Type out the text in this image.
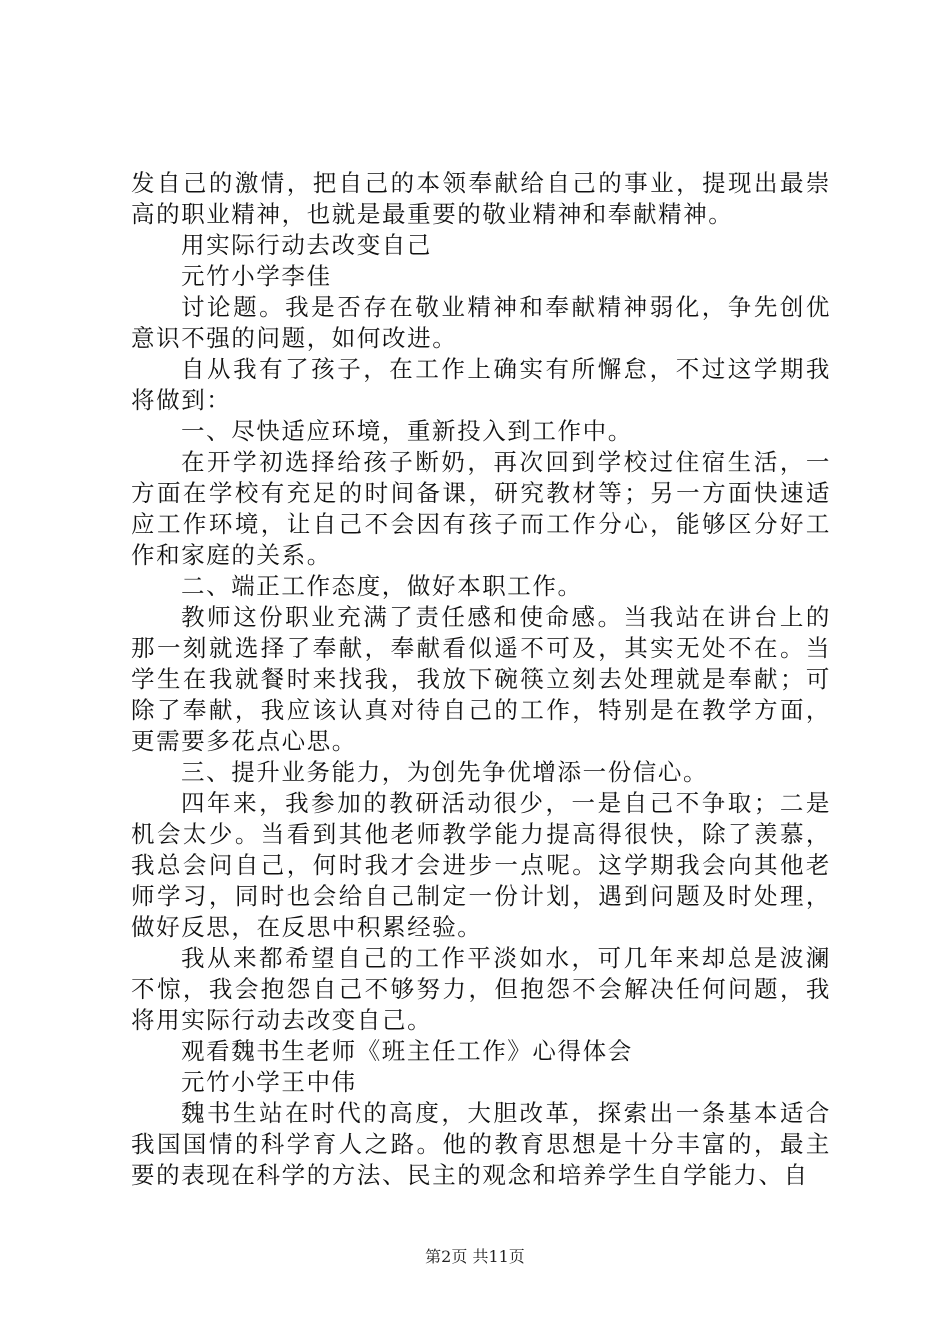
发自己的激情，把自己的本领奉献给自己的事业，提现出最崇高的职业精神，也就是最重要的敬业精神和奉献精神。

用实际行动去改变自己

元竹小学李佳

讨论题。我是否存在敬业精神和奉献精神弱化，争先创优意识不强的问题，如何改进。

自从我有了孩子，在工作上确实有所懈怠，不过这学期我将做到：

一、尽快适应环境，重新投入到工作中。

在开学初选择给孩子断奶，再次回到学校过住宿生活，一方面在学校有充足的时间备课，研究教材等；另一方面快速适应工作环境，让自己不会因有孩子而工作分心，能够区分好工作和家庭的关系。

二、端正工作态度，做好本职工作。

教师这份职业充满了责任感和使命感。当我站在讲台上的那一刻就选择了奉献，奉献看似遥不可及，其实无处不在。当学生在我就餐时来找我，我放下碗筷立刻去处理就是奉献；可除了奉献，我应该认真对待自己的工作，特别是在教学方面，更需要多花点心思。

三、提升业务能力，为创先争优增添一份信心。

四年来，我参加的教研活动很少，一是自己不争取；二是机会太少。当看到其他老师教学能力提高得很快，除了羡慕，我总会问自己，何时我才会进步一点呢。这学期我会向其他老师学习，同时也会给自己制定一份计划，遇到问题及时处理，做好反思，在反思中积累经验。

我从来都希望自己的工作平淡如水，可几年来却总是波澜不惊，我会抱怨自己不够努力，但抱怨不会解决任何问题，我将用实际行动去改变自己。

观看魏书生老师《班主任工作》心得体会

元竹小学王中伟

魏书生站在时代的高度，大胆改革，探索出一条基本适合我国国情的科学育人之路。他的教育思想是十分丰富的，最主要的表现在科学的方法、民主的观念和培养学生自学能力、自

第2页 共11页
